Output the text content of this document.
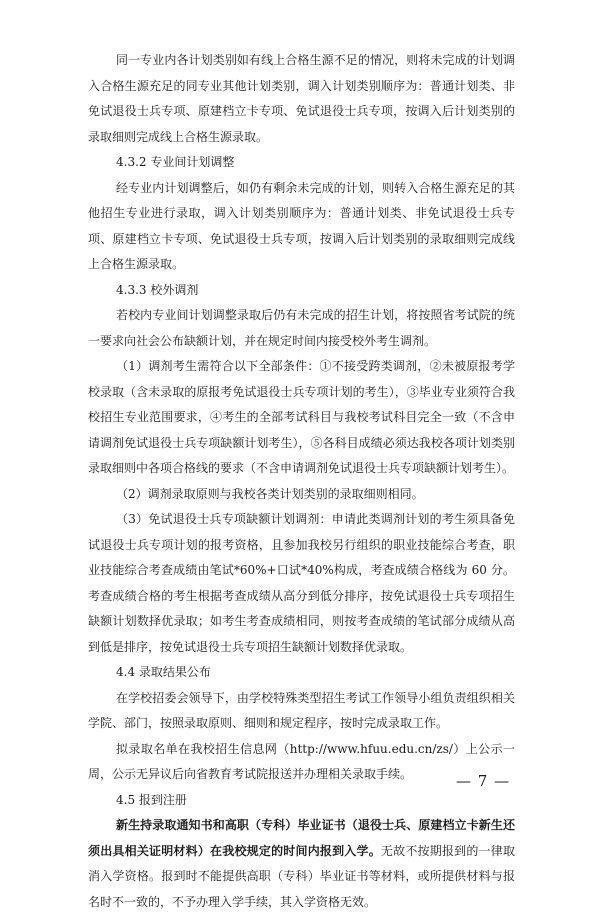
同一专业内各计划类别如有线上合格生源不足的情况，则将未完成的计划调入合格生源充足的同专业其他计划类别，调入计划类别顺序为：普通计划类、非免试退役士兵专项、原建档立卡专项、免试退役士兵专项，按调入后计划类别的录取细则完成线上合格生源录取。

4.3.2 专业间计划调整

经专业内计划调整后，如仍有剩余未完成的计划，则转入合格生源充足的其他招生专业进行录取，调入计划类别顺序为：普通计划类、非免试退役士兵专项、原建档立卡专项、免试退役士兵专项，按调入后计划类别的录取细则完成线上合格生源录取。

4.3.3 校外调剂

若校内专业间计划调整录取后仍有未完成的招生计划，将按照省考试院的统一要求向社会公布缺额计划，并在规定时间内接受校外考生调剂。

（1）调剂考生需符合以下全部条件：①不接受跨类调剂，②未被原报考学校录取（含未录取的原报考免试退役士兵专项计划的考生），③毕业专业须符合我校招生专业范围要求，④考生的全部考试科目与我校考试科目完全一致（不含申请调剂免试退役士兵专项缺额计划考生），⑤各科目成绩必须达我校各项计划类别录取细则中各项合格线的要求（不含申请调剂免试退役士兵专项缺额计划考生）。

（2）调剂录取原则与我校各类计划类别的录取细则相同。

（3）免试退役士兵专项缺额计划调剂：申请此类调剂计划的考生须具备免试退役士兵专项计划的报考资格，且参加我校另行组织的职业技能综合考查，职业技能综合考查成绩由笔试*60%+口试*40%构成，考查成绩合格线为 60 分。考查成绩合格的考生根据考查成绩从高分到低分排序，按免试退役士兵专项招生缺额计划数择优录取；如考生考查成绩相同，则按考查成绩的笔试部分成绩从高到低是排序，按免试退役士兵专项招生缺额计划数择优录取。

4.4 录取结果公布

在学校招委会领导下，由学校特殊类型招生考试工作领导小组负责组织相关学院、部门，按照录取原则、细则和规定程序，按时完成录取工作。

拟录取名单在我校招生信息网（http://www.hfuu.edu.cn/zs/）上公示一周，公示无异议后向省教育考试院报送并办理相关录取手续。

4.5 报到注册

新生持录取通知书和高职（专科）毕业证书（退役士兵、原建档立卡新生还须出具相关证明材料）在我校规定的时间内报到入学。无故不按期报到的一律取消入学资格。报到时不能提供高职（专科）毕业证书等材料，或所提供材料与报名时不一致的，不予办理入学手续，其入学资格无效。

— 7 —
